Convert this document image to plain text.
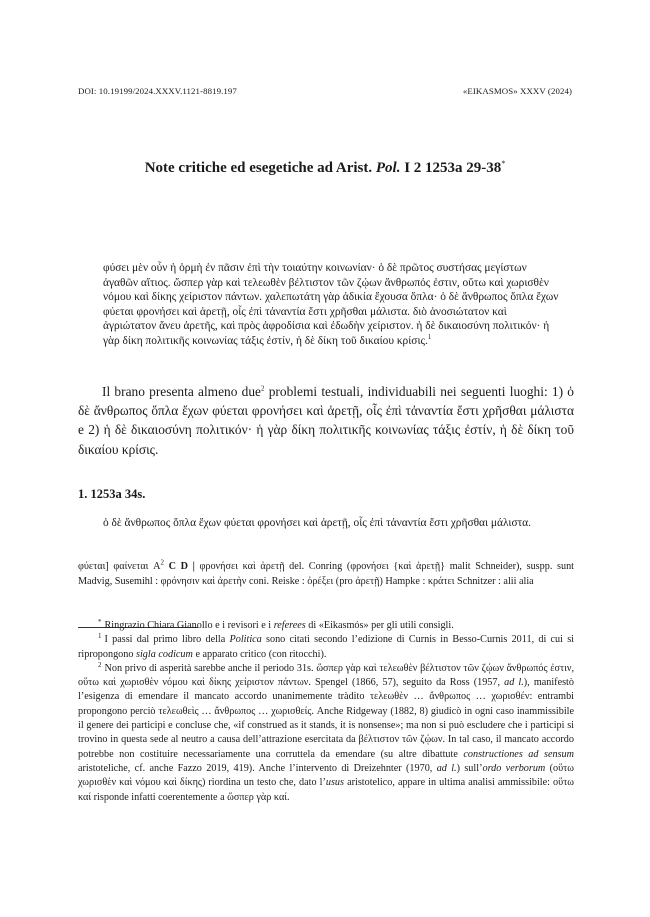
DOI: 10.19199/2024.XXXV.1121-8819.197	«EIKASMOS» XXXV (2024)
Note critiche ed esegetiche ad Arist. Pol. I 2 1253a 29-38*
φύσει μὲν οὖν ἡ ὁρμὴ ἐν πᾶσιν ἐπὶ τὴν τοιαύτην κοινωνίαν· ὁ δὲ πρῶτος συστήσας μεγίστων ἀγαθῶν αἴτιος. ὥσπερ γὰρ καὶ τελεωθὲν βέλτιστον τῶν ζῴων ἄνθρωπός ἐστιν, οὕτω καὶ χωρισθὲν νόμου καὶ δίκης χείριστον πάντων. χαλεπωτάτη γὰρ ἀδικία ἔχουσα ὅπλα· ὁ δὲ ἄνθρωπος ὅπλα ἔχων φύεται φρονήσει καὶ ἀρετῇ, οἷς ἐπὶ τἀναντία ἔστι χρῆσθαι μάλιστα. διὸ ἀνοσιώτατον καὶ ἀγριώτατον ἄνευ ἀρετῆς, καὶ πρὸς ἀφροδίσια καὶ ἐδωδὴν χείριστον. ἡ δὲ δικαιοσύνη πολιτικόν· ἡ γὰρ δίκη πολιτικῆς κοινωνίας τάξις ἐστίν, ἡ δὲ δίκη τοῦ δικαίου κρίσις.$^1$

Il brano presenta almeno due$^2$ problemi testuali, individuabili nei seguenti luoghi: 1) ὁ δὲ ἄνθρωπος ὅπλα ἔχων φύεται φρονήσει καὶ ἀρετῇ, οἷς ἐπὶ τἀναντία ἔστι χρῆσθαι μάλιστα e 2) ἡ δὲ δικαιοσύνη πολιτικόν· ἡ γὰρ δίκη πολιτικῆς κοινωνίας τάξις ἐστίν, ἡ δὲ δίκη τοῦ δικαίου κρίσις.

1. 1253a 34s.
ὁ δὲ ἄνθρωπος ὅπλα ἔχων φύεται φρονήσει καὶ ἀρετῇ, οἷς ἐπὶ τἀναντία ἔστι χρῆσθαι μάλιστα.
φύεται] φαίνεται $A^2$ C D | φρονήσει καὶ ἀρετῇ del. Conring (φρονήσει {καὶ ἀρετῇ} malit Schneider), suspp. sunt Madvig, Susemihl : φρόνησιν καὶ ἀρετὴν coni. Reiske : ὀρέξει (pro ἀρετῇ) Hampke : κράτει Schnitzer : alii alia

* Ringrazio Chiara Gianollo e i revisori e i referees di «Eikasmós» per gli utili consigli.

$^1$ I passi dal primo libro della Politica sono citati secondo l’edizione di Curnis in Besso-Curnis 2011, di cui si ripropongono sigla codicum e apparato critico (con ritocchi).

$^2$ Non privo di asperità sarebbe anche il periodo 31s. ὥσπερ γὰρ καὶ τελεωθὲν βέλτιστον τῶν ζῴων ἄνθρωπός ἐστιν, οὕτω καὶ χωρισθὲν νόμου καὶ δίκης χείριστον πάντων. Spengel (1866, 57), seguito da Ross (1957, ad l.), manifestò l’esigenza di emendare il mancato accordo unanimemente tràdito τελεωθὲν … ἄνθρωπος … χωρισθέν: entrambi propongono perciò τελεωθεὶς … ἄνθρωπος … χωρισθείς. Anche Ridgeway (1882, 8) giudicò in ogni caso inammissibile il genere dei participi e concluse che, «if construed as it stands, it is nonsense»; ma non si può escludere che i participi si trovino in questa sede al neutro a causa dell’attrazione esercitata da βέλτιστον τῶν ζῴων. In tal caso, il mancato accordo potrebbe non costituire necessariamente una corruttela da emendare (su altre dibattute constructiones ad sensum aristoteliche, cf. anche Fazzo 2019, 419). Anche l’intervento di Dreizehnter (1970, ad l.) sull’ordo verborum (οὕτω χωρισθὲν καὶ νόμου καὶ δίκης) riordina un testo che, dato l’usus aristotelico, appare in ultima analisi ammissibile: οὕτω καί risponde infatti coerentemente a ὥσπερ γὰρ καί.
